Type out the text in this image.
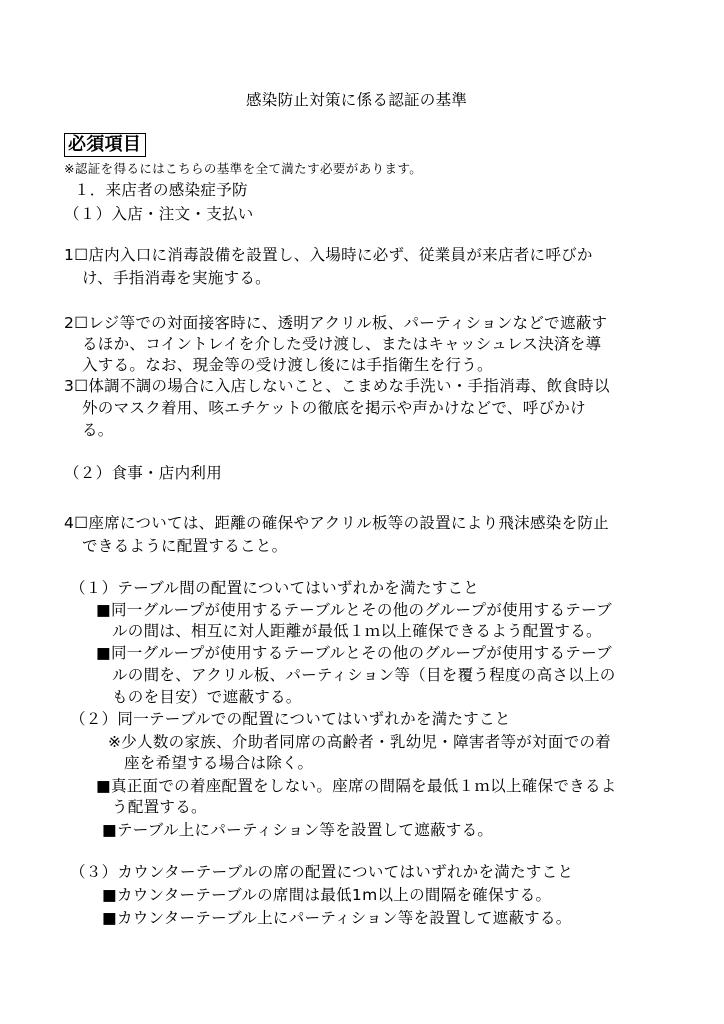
感染防止対策に係る認証の基準
必須項目
※認証を得るにはこちらの基準を全て満たす必要があります。
１．来店者の感染症予防
（１）入店・注文・支払い
1☐店内入口に消毒設備を設置し、入場時に必ず、従業員が来店者に呼びか
け、手指消毒を実施する。
2☐レジ等での対面接客時に、透明アクリル板、パーティションなどで遮蔽す
るほか、コイントレイを介した受け渡し、またはキャッシュレス決済を導
入する。なお、現金等の受け渡し後には手指衛生を行う。
3☐体調不調の場合に入店しないこと、こまめな手洗い・手指消毒、飲食時以
外のマスク着用、咳エチケットの徹底を掲示や声かけなどで、呼びかけ
る。
（２）食事・店内利用
4☐座席については、距離の確保やアクリル板等の設置により飛沫感染を防止
できるように配置すること。
（１）テーブル間の配置についてはいずれかを満たすこと
■同一グループが使用するテーブルとその他のグループが使用するテーブ
ルの間は、相互に対人距離が最低１ｍ以上確保できるよう配置する。
■同一グループが使用するテーブルとその他のグループが使用するテーブ
ルの間を、アクリル板、パーティション等（目を覆う程度の高さ以上の
ものを目安）で遮蔽する。
（２）同一テーブルでの配置についてはいずれかを満たすこと
※少人数の家族、介助者同席の高齢者・乳幼児・障害者等が対面での着
座を希望する場合は除く。
■真正面での着座配置をしない。座席の間隔を最低１ｍ以上確保できるよ
う配置する。
■テーブル上にパーティション等を設置して遮蔽する。
（３）カウンターテーブルの席の配置についてはいずれかを満たすこと
■カウンターテーブルの席間は最低1m以上の間隔を確保する。
■カウンターテーブル上にパーティション等を設置して遮蔽する。
